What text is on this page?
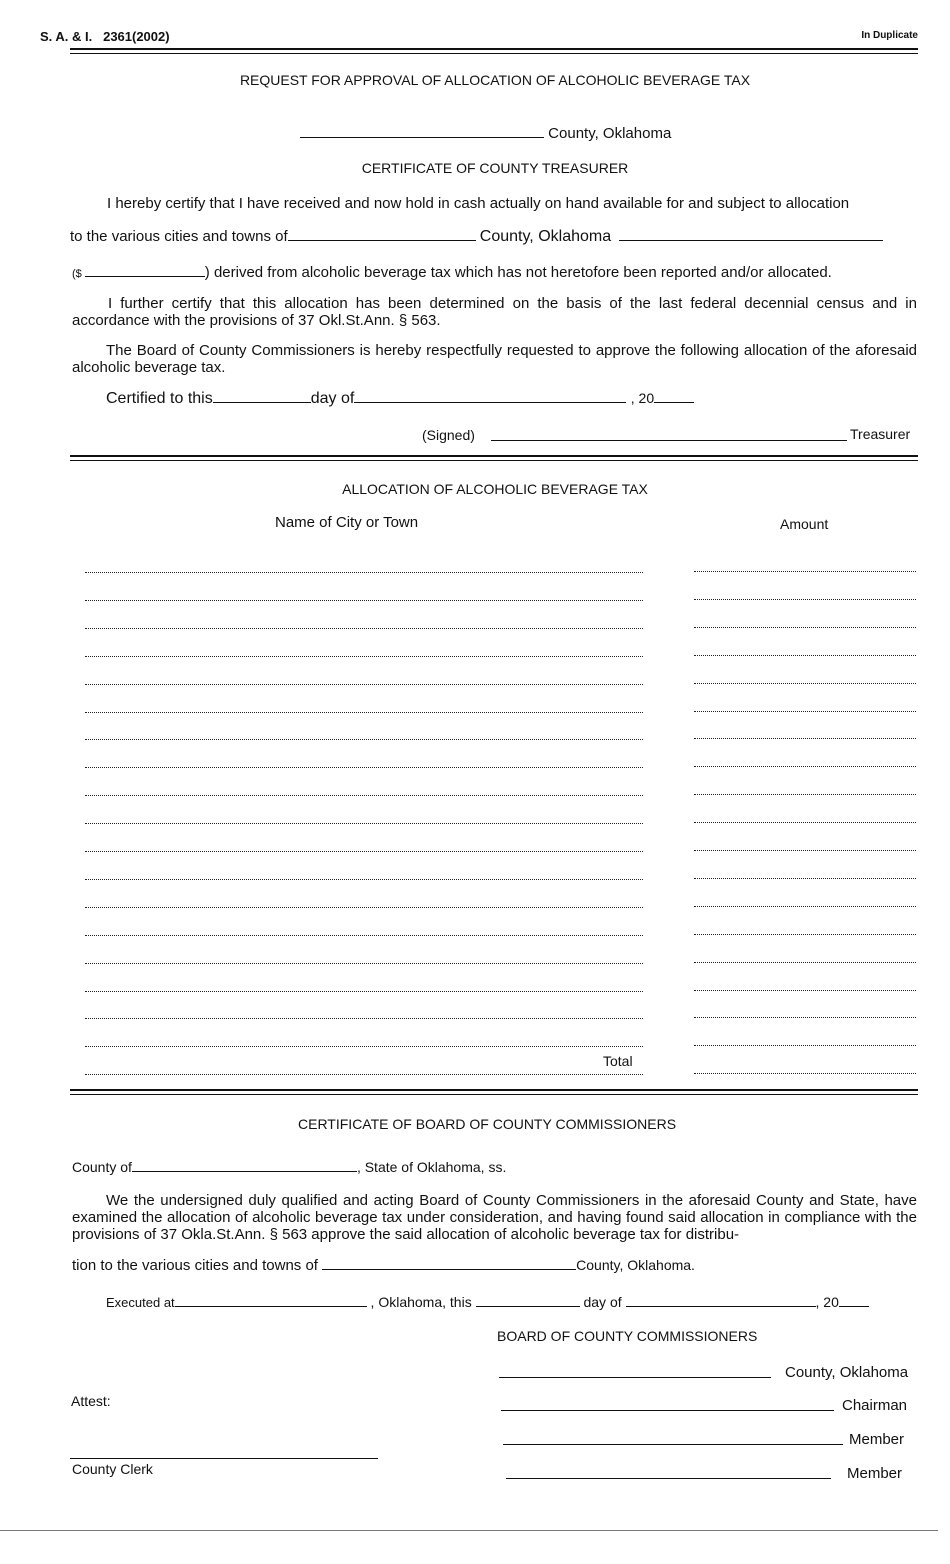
S. A. & I.   2361(2002)	In Duplicate
REQUEST FOR APPROVAL OF ALLOCATION OF ALCOHOLIC BEVERAGE TAX
County, Oklahoma
CERTIFICATE OF COUNTY TREASURER
I hereby certify that I have received and now hold in cash actually on hand available for and subject to allocation
to the various cities and towns of	County, Oklahoma
($	) derived from alcoholic beverage tax which has not heretofore been reported and/or allocated.
I further certify that this allocation has been determined on the basis of the last federal decennial census and in accordance with the provisions of 37 Okl.St.Ann. § 563.
The Board of County Commissioners is hereby respectfully requested to approve the following allocation of the aforesaid alcoholic beverage tax.
Certified to this	day of	, 20
(Signed)	Treasurer
ALLOCATION OF ALCOHOLIC BEVERAGE TAX
Name of City or Town	Amount
Total
CERTIFICATE OF BOARD OF COUNTY COMMISSIONERS
County of	, State of Oklahoma, ss.
We the undersigned duly qualified and acting Board of County Commissioners in the aforesaid County and State, have examined the allocation of alcoholic beverage tax under consideration, and having found said allocation in compliance with the provisions of 37 Okla.St.Ann. § 563 approve the said allocation of alcoholic beverage tax for distribu-
tion to the various cities and towns of	County, Oklahoma.
Executed at	, Oklahoma, this	day of	, 20
BOARD OF COUNTY COMMISSIONERS
County, Oklahoma
Attest:	Chairman
Member
County Clerk	Member
